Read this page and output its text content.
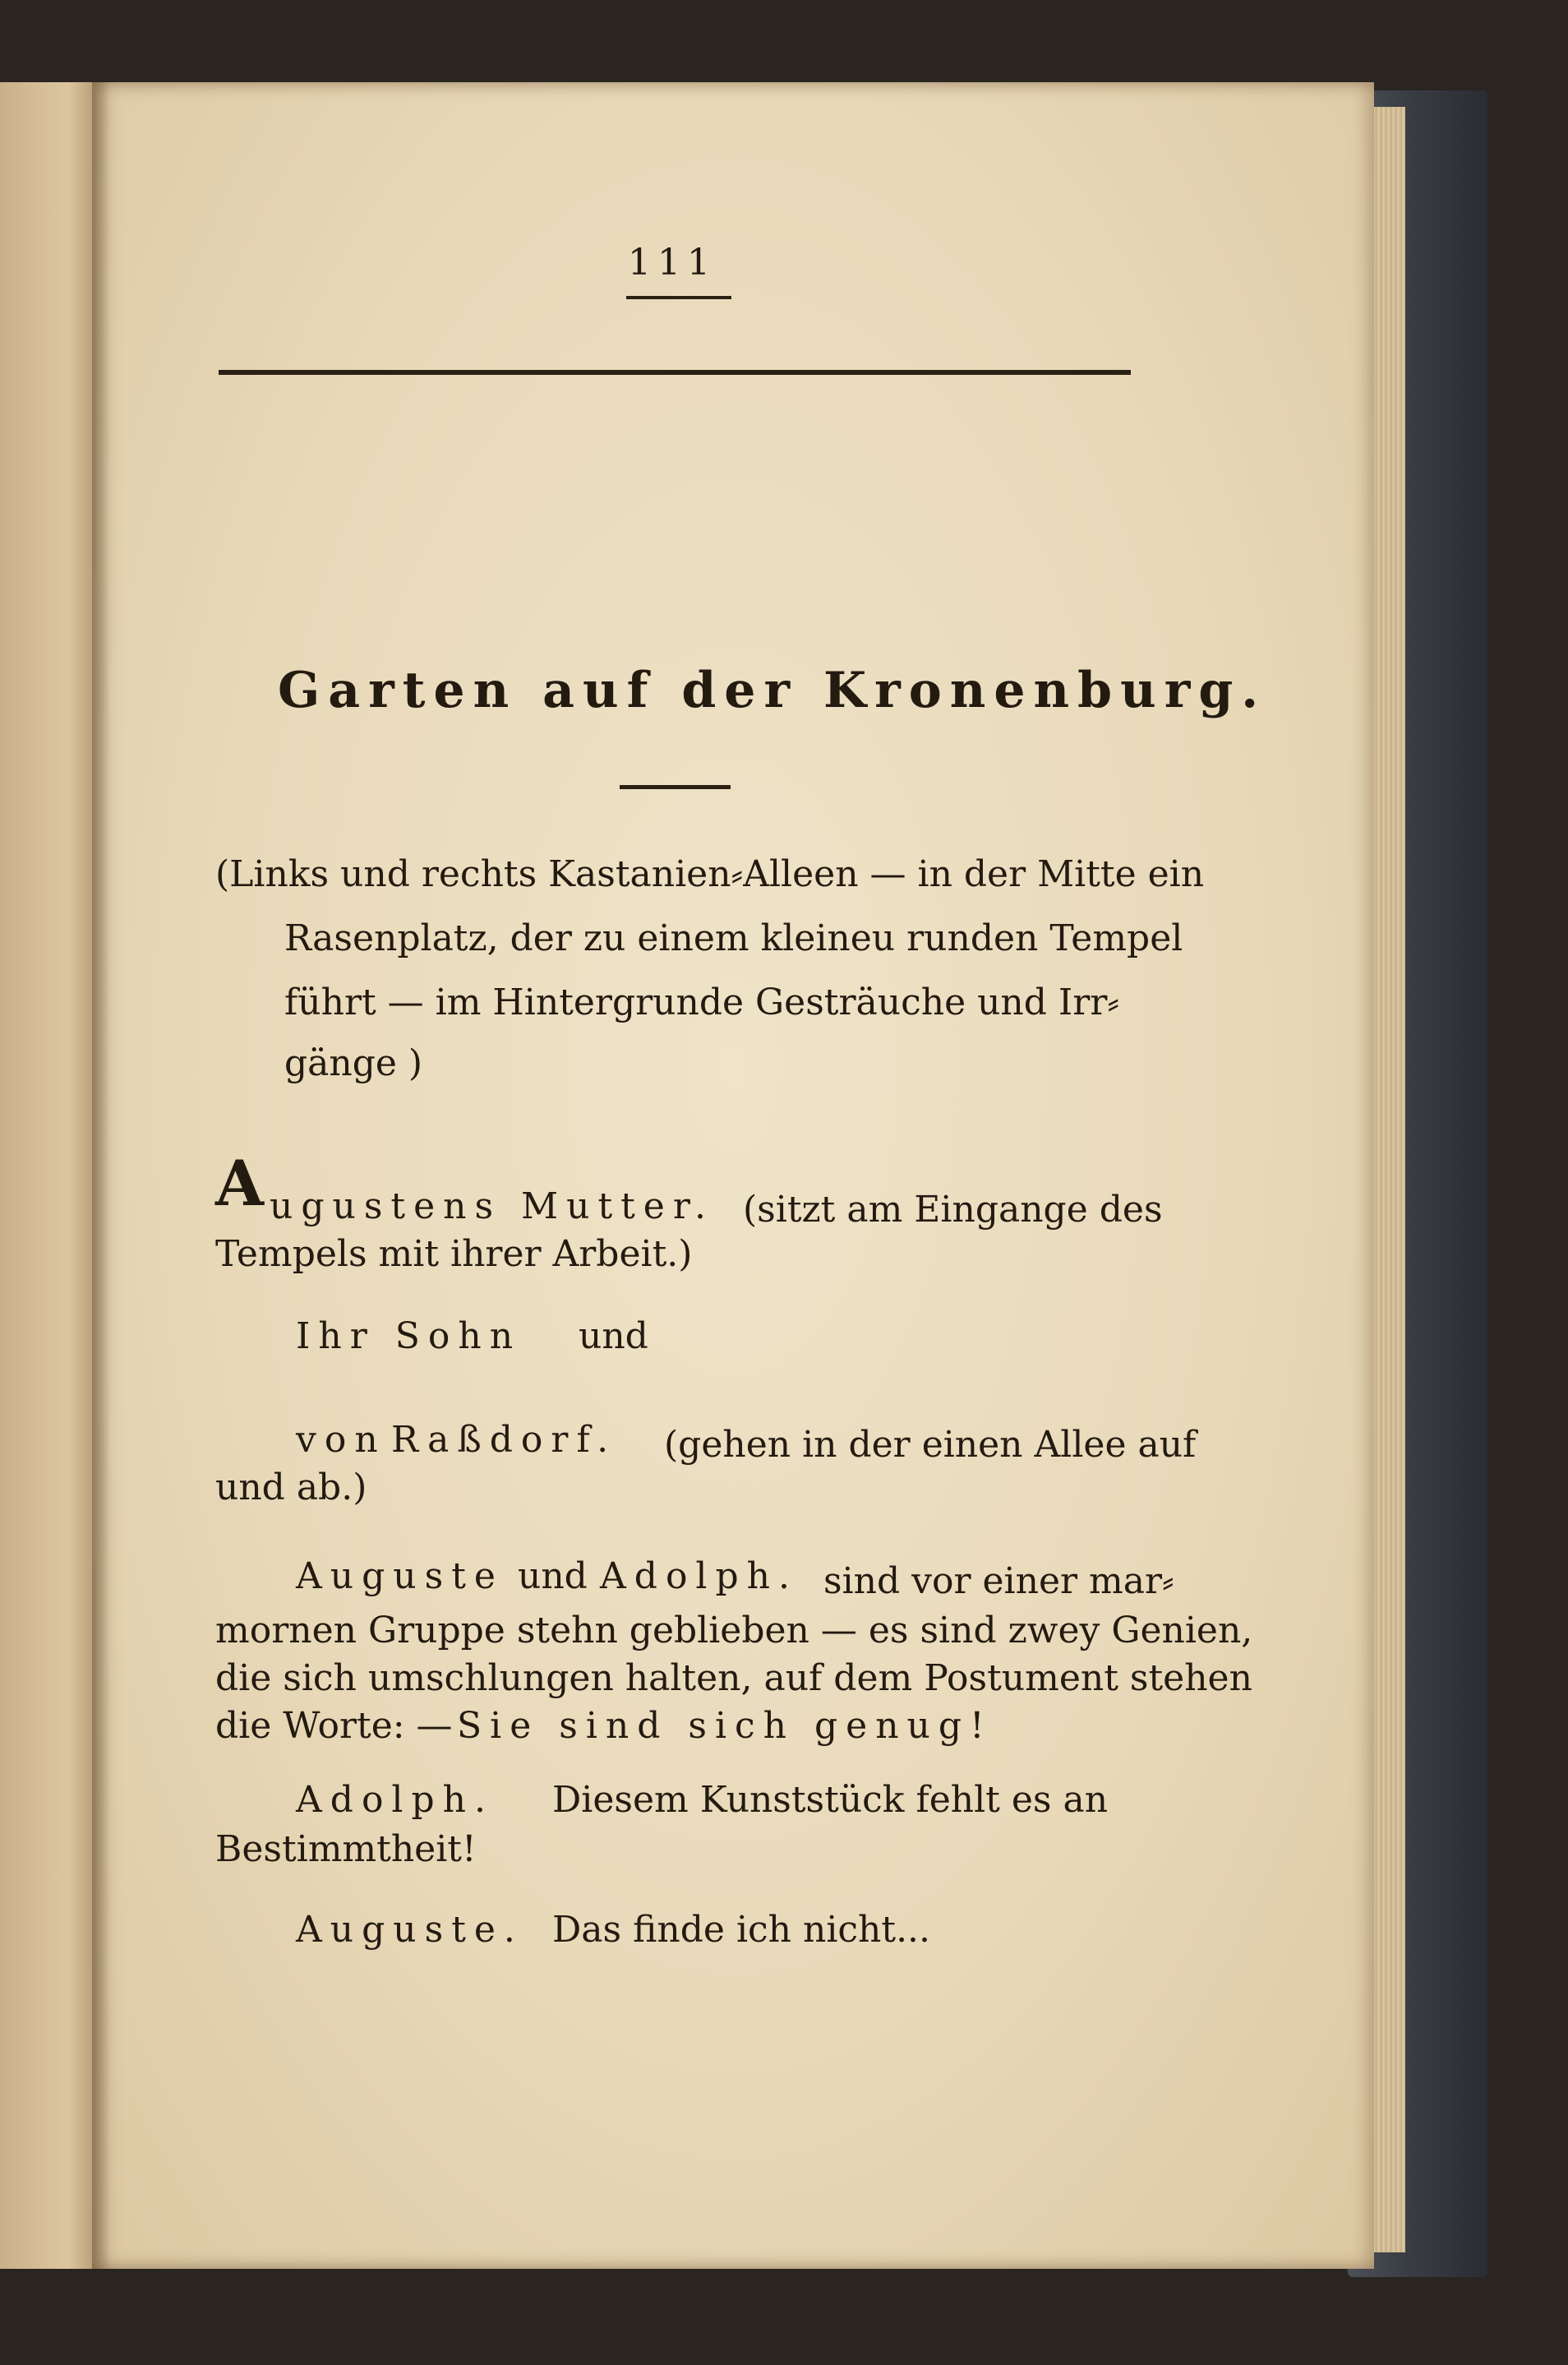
111
Garten auf der Kronenburg.
(Links und rechts Kastanien⸗Alleen — in der Mitte ein
Rasenplatz, der zu einem kleineu runden Tempel
führt — im Hintergrunde Gesträuche und Irr⸗
gänge )
A ugustens Mutter. (sitzt am Eingange des
Tempels mit ihrer Arbeit.)
Ihr Sohn und
von Raßdorf. (gehen in der einen Allee auf
und ab.)
Auguste und Adolph. sind vor einer mar⸗
mornen Gruppe stehn geblieben — es sind zwey Genien,
die sich umschlungen halten, auf dem Postument stehen
die Worte: — Sie sind sich genug!
Adolph. Diesem Kunststück fehlt es an
Bestimmtheit!
Auguste. Das finde ich nicht...
